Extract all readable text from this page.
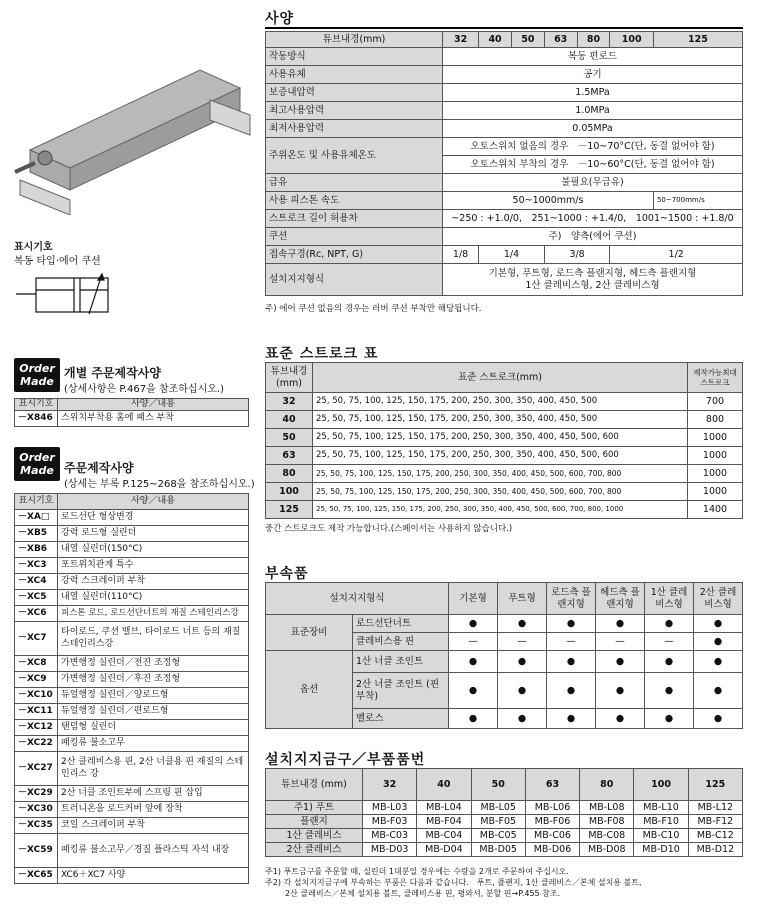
표시기호
복동 타입·에어 쿠션
Order
Made
개별 주문제작사양
(상세사항은 P.467을 참조하십시오.)
표시기호	사양／내용
－X846	스위치부착용 홈에 패스 부착
Order
Made 주문제작사양
(상세는 부록 P.125~268을 참조하십시오.)
표시기호	사양／내용
－XA□	로드선단 형상변경
－XB5	강력 로드형 실린더
－XB6	내열 실린더(150°C)
－XC3	포트위치관계 특수
－XC4	강력 스크레이퍼 부착
－XC5	내열 실린더(110°C)
－XC6	피스톤 로드, 로드선단너트의 재질 스테인리스강
－XC7	타이로드, 쿠션 밸브, 타이로드 너트 등의 재질 스테인리스강
－XC8	가변행정 실린더／전진 조정형
－XC9	가변행정 실린더／후진 조정형
－XC10	듀얼행정 실린더／양로드형
－XC11	듀얼행정 실린더／편로드형
－XC12	탠덤형 실린더
－XC22	패킹류 불소고무
－XC27	2산 클레비스용 핀, 2산 너클용 핀 재질의 스테인리스 강
－XC29	2산 너클 조인트부에 스프링 핀 삽입
－XC30	트러니온을 로드커버 앞에 장착
－XC35	코일 스크레이퍼 부착
－XC59	패킹류 불소고무／경질 플라스틱 자석 내장
－XC65	XC6＋XC7 사양
사양
튜브내경(mm)	32	40	50	63	80	100	125
작동방식	복동 편로드						
사용유체	공기						
보증내압력	1.5MPa						
최고사용압력	1.0MPa						
최저사용압력	0.05MPa						
주위온도 및 사용유체온도	오토스위치 없음의 경우　－10~70°C(단, 동결 없어야 함)						
	오토스위치 부착의 경우　－10~60°C(단, 동결 없어야 함)						
급유	불필요(무급유)						
사용 피스톤 속도	50~1000mm/s						50~700mm/s
스트로크 길이 허용차	~250 : +1.0/0,　251~1000 : +1.4/0,　1001~1500 : +1.8/0						
쿠션	주)　양측(에어 쿠션)						
접속구경(Rc, NPT, G)	1/8	1/4		3/8		1/2	
설치지지형식	기본형, 푸트형, 로드측 플랜지형, 헤드측 플랜지형
1산 클레비스형, 2산 클레비스형						
주) 에어 쿠션 없음의 경우는 러버 쿠션 부착만 해당됩니다.
표준 스트로크 표
튜브내경 (mm)	표준 스트로크(mm)	제작가능최대 스트로크
32	25, 50, 75, 100, 125, 150, 175, 200, 250, 300, 350, 400, 450, 500	700
40	25, 50, 75, 100, 125, 150, 175, 200, 250, 300, 350, 400, 450, 500	800
50	25, 50, 75, 100, 125, 150, 175, 200, 250, 300, 350, 400, 450, 500, 600	1000
63	25, 50, 75, 100, 125, 150, 175, 200, 250, 300, 350, 400, 450, 500, 600	1000
80	25, 50, 75, 100, 125, 150, 175, 200, 250, 300, 350, 400, 450, 500, 600, 700, 800	1000
100	25, 50, 75, 100, 125, 150, 175, 200, 250, 300, 350, 400, 450, 500, 600, 700, 800	1000
125	25, 50, 75, 100, 125, 150, 175, 200, 250, 300, 350, 400, 450, 500, 600, 700, 800, 1000	1400
중간 스트로크도 제작 가능합니다.(스페이서는 사용하지 않습니다.)
부속품
설치지지형식		기본형	푸트형	로드측 플랜지형	헤드측 플랜지형	1산 클레비스형	2산 클레비스형
표준장비	로드선단너트	●	●	●	●	●	●
	클레비스용 핀	—	—	—	—	—	●
옵션	1산 너클 조인트	●	●	●	●	●	●
	2산 너클 조인트 (핀 부착)	●	●	●	●	●	●
	벨로스	●	●	●	●	●	●
설치지지금구／부품품번
튜브내경 (mm)	32	40	50	63	80	100	125
주1) 푸트	MB-L03	MB-L04	MB-L05	MB-L06	MB-L08	MB-L10	MB-L12
플랜지	MB-F03	MB-F04	MB-F05	MB-F06	MB-F08	MB-F10	MB-F12
1산 클레비스	MB-C03	MB-C04	MB-C05	MB-C06	MB-C08	MB-C10	MB-C12
2산 클레비스	MB-D03	MB-D04	MB-D05	MB-D06	MB-D08	MB-D10	MB-D12
주1) 푸트금구를 주문할 때, 실린더 1대분일 경우에는 수량을 2개로 주문하여 주십시오.
주2) 각 설치지지금구에 부속하는 부품은 다음과 같습니다.　푸트, 플랜지, 1산 클레비스／본체 설치용 볼트,
2산 클레비스／본체 설치용 볼트, 클레비스용 핀, 평와셔, 분할 핀→P.455 참조.
